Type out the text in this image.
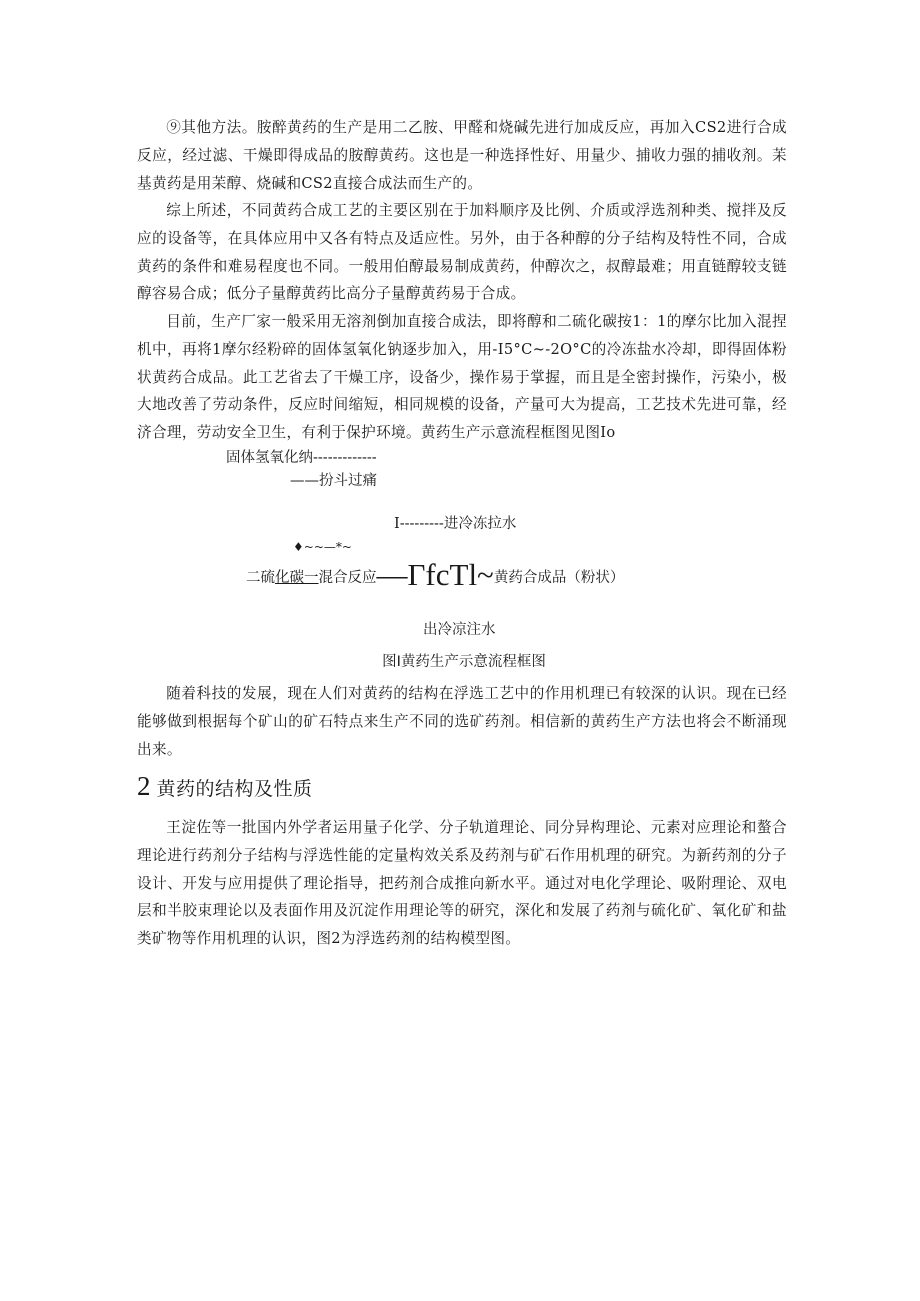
⑨其他方法。胺醉黄药的生产是用二乙胺、甲醛和烧碱先进行加成反应，再加入CS2进行合成反应，经过滤、干燥即得成品的胺醇黄药。这也是一种选择性好、用量少、捕收力强的捕收剂。苿基黄药是用苿醇、烧碱和CS2直接合成法而生产的。

综上所述，不同黄药合成工艺的主要区别在于加料顺序及比例、介质或浮选剂种类、搅拌及反应的设备等，在具体应用中又各有特点及适应性。另外，由于各种醇的分子结构及特性不同，合成黄药的条件和难易程度也不同。一般用伯醇最易制成黄药，仲醇次之，叔醇最难；用直链醇较支链醇容易合成；低分子量醇黄药比高分子量醇黄药易于合成。

目前，生产厂家一般采用无溶剂倒加直接合成法，即将醇和二硫化碳按1：1的摩尔比加入混捏机中，再将1摩尔经粉碎的固体氢氧化钠逐步加入，用-I5°C~-2O°C的冷冻盐水冷却，即得固体粉状黄药合成品。此工艺省去了干燥工序，设备少，操作易于掌握，而且是全密封操作，污染小，极大地改善了劳动条件，反应时间缩短，相同规模的设备，产量可大为提高，工艺技术先进可靠，经济合理，劳动安全卫生，有利于保护环境。黄药生产示意流程框图见图Io

固体氢氧化纳-------------
——扮斗过痛
I---------进冷冻拉水
♦~~—*~
二硫化碳一混合反应—ΓfcTl~黄药合成品（粉状）
出冷凉注水
图I黄药生产示意流程框图

随着科技的发展，现在人们对黄药的结构在浮选工艺中的作用机理已有较深的认识。现在已经能够做到根据每个矿山的矿石特点来生产不同的选矿药剂。相信新的黄药生产方法也将会不断涌现出来。

2 黄药的结构及性质

王淀佐等一批国内外学者运用量子化学、分子轨道理论、同分异构理论、元素对应理论和螯合理论进行药剂分子结构与浮选性能的定量构效关系及药剂与矿石作用机理的研究。为新药剂的分子设计、开发与应用提供了理论指导，把药剂合成推向新水平。通过对电化学理论、吸附理论、双电层和半胶束理论以及表面作用及沉淀作用理论等的研究，深化和发展了药剂与硫化矿、氧化矿和盐类矿物等作用机理的认识，图2为浮选药剂的结构模型图。
